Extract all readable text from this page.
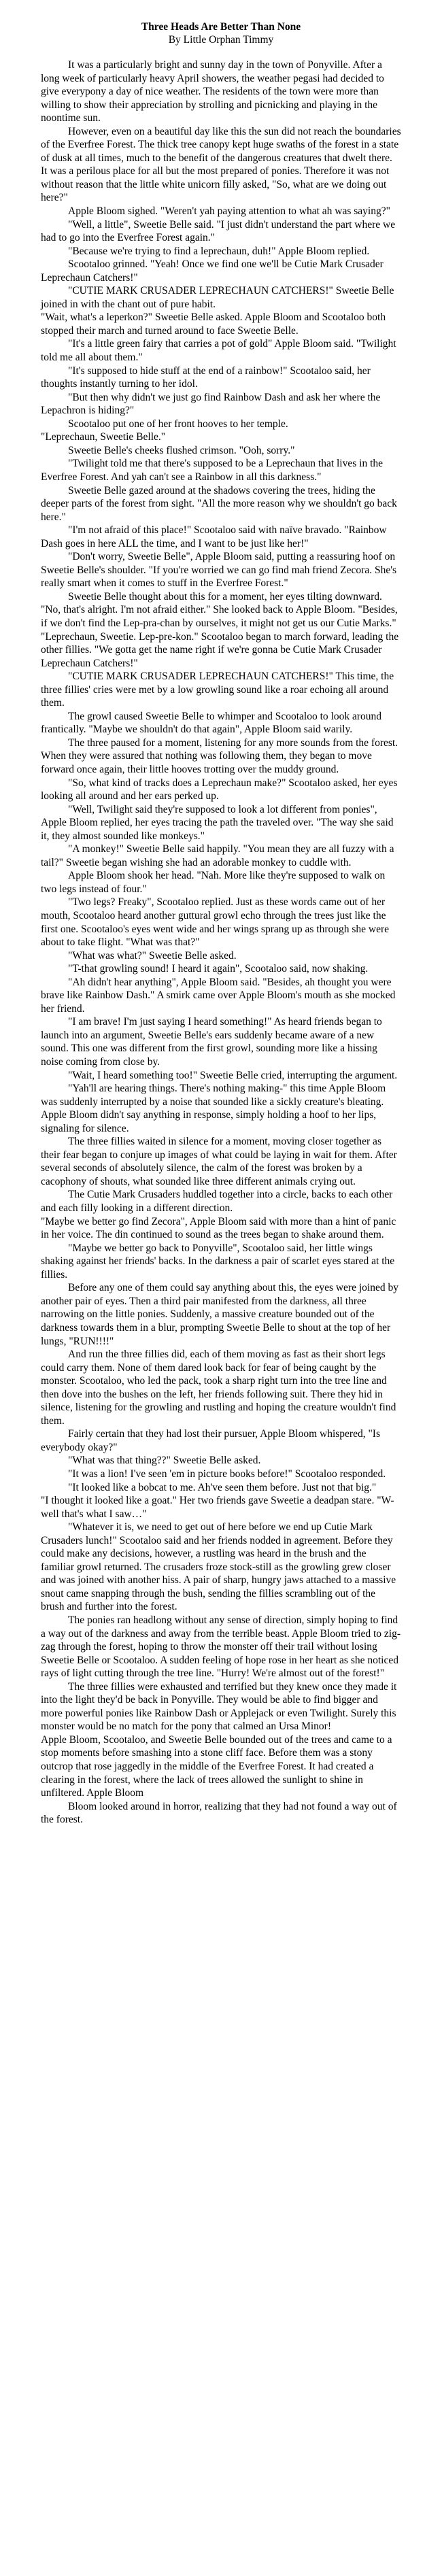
Three Heads Are Better Than None
By Little Orphan Timmy

It was a particularly bright and sunny day in the town of Ponyville. After a long week of particularly heavy April showers, the weather pegasi had decided to give everypony a day of nice weather. The residents of the town were more than willing to show their appreciation by strolling and picnicking and playing in the noontime sun.

However, even on a beautiful day like this the sun did not reach the boundaries of the Everfree Forest. The thick tree canopy kept huge swaths of the forest in a state of dusk at all times, much to the benefit of the dangerous creatures that dwelt there. It was a perilous place for all but the most prepared of ponies. Therefore it was not without reason that the little white unicorn filly asked, "So, what are we doing out here?"

Apple Bloom sighed. "Weren't yah paying attention to what ah was saying?"

"Well, a little", Sweetie Belle said. "I just didn't understand the part where we had to go into the Everfree Forest again."

"Because we're trying to find a leprechaun, duh!" Apple Bloom replied.

Scootaloo grinned. "Yeah! Once we find one we'll be Cutie Mark Crusader Leprechaun Catchers!"

"CUTIE MARK CRUSADER LEPRECHAUN CATCHERS!" Sweetie Belle joined in with the chant out of pure habit.

"Wait, what's a leperkon?" Sweetie Belle asked. Apple Bloom and Scootaloo both stopped their march and turned around to face Sweetie Belle.

"It's a little green fairy that carries a pot of gold" Apple Bloom said. "Twilight told me all about them."

"It's supposed to hide stuff at the end of a rainbow!" Scootaloo said, her thoughts instantly turning to her idol.

"But then why didn't we just go find Rainbow Dash and ask her where the Lepachron is hiding?"

Scootaloo put one of her front hooves to her temple.

"Leprechaun, Sweetie Belle."

Sweetie Belle's cheeks flushed crimson. "Ooh, sorry."

"Twilight told me that there's supposed to be a Leprechaun that lives in the Everfree Forest. And yah can't see a Rainbow in all this darkness."

Sweetie Belle gazed around at the shadows covering the trees, hiding the deeper parts of the forest from sight. "All the more reason why we shouldn't go back here."

"I'm not afraid of this place!" Scootaloo said with naïve bravado. "Rainbow Dash goes in here ALL the time, and I want to be just like her!"

"Don't worry, Sweetie Belle", Apple Bloom said, putting a reassuring hoof on Sweetie Belle's shoulder. "If you're worried we can go find mah friend Zecora. She's really smart when it comes to stuff in the Everfree Forest."

Sweetie Belle thought about this for a moment, her eyes tilting downward. "No, that's alright. I'm not afraid either." She looked back to Apple Bloom. "Besides, if we don't find the Lep-pra-chan by ourselves, it might not get us our Cutie Marks."

"Leprechaun, Sweetie. Lep-pre-kon." Scootaloo began to march forward, leading the other fillies. "We gotta get the name right if we're gonna be Cutie Mark Crusader Leprechaun Catchers!"

"CUTIE MARK CRUSADER LEPRECHAUN CATCHERS!" This time, the three fillies' cries were met by a low growling sound like a roar echoing all around them.

The growl caused Sweetie Belle to whimper and Scootaloo to look around frantically. "Maybe we shouldn't do that again", Apple Bloom said warily.

The three paused for a moment, listening for any more sounds from the forest. When they were assured that nothing was following them, they began to move forward once again, their little hooves trotting over the muddy ground.

"So, what kind of tracks does a Leprechaun make?" Scootaloo asked, her eyes looking all around and her ears perked up.

"Well, Twilight said they're supposed to look a lot different from ponies", Apple Bloom replied, her eyes tracing the path the traveled over. "The way she said it, they almost sounded like monkeys."

"A monkey!" Sweetie Belle said happily. "You mean they are all fuzzy with a tail?" Sweetie began wishing she had an adorable monkey to cuddle with.

Apple Bloom shook her head. "Nah. More like they're supposed to walk on two legs instead of four."

"Two legs? Freaky", Scootaloo replied. Just as these words came out of her mouth, Scootaloo heard another guttural growl echo through the trees just like the first one. Scootaloo's eyes went wide and her wings sprang up as through she were about to take flight. "What was that?"

"What was what?" Sweetie Belle asked.

"T-that growling sound! I heard it again", Scootaloo said, now shaking.

"Ah didn't hear anything", Apple Bloom said. "Besides, ah thought you were brave like Rainbow Dash." A smirk came over Apple Bloom's mouth as she mocked her friend.

"I am brave! I'm just saying I heard something!" As heard friends began to launch into an argument, Sweetie Belle's ears suddenly became aware of a new sound. This one was different from the first growl, sounding more like a hissing noise coming from close by.

"Wait, I heard something too!" Sweetie Belle cried, interrupting the argument.

"Yah'll are hearing things. There's nothing making-" this time Apple Bloom was suddenly interrupted by a noise that sounded like a sickly creature's bleating. Apple Bloom didn't say anything in response, simply holding a hoof to her lips, signaling for silence.

The three fillies waited in silence for a moment, moving closer together as their fear began to conjure up images of what could be laying in wait for them. After several seconds of absolutely silence, the calm of the forest was broken by a cacophony of shouts, what sounded like three different animals crying out.

The Cutie Mark Crusaders huddled together into a circle, backs to each other and each filly looking in a different direction.

"Maybe we better go find Zecora", Apple Bloom said with more than a hint of panic in her voice. The din continued to sound as the trees began to shake around them.

"Maybe we better go back to Ponyville", Scootaloo said, her little wings shaking against her friends' backs. In the darkness a pair of scarlet eyes stared at the fillies.

Before any one of them could say anything about this, the eyes were joined by another pair of eyes. Then a third pair manifested from the darkness, all three narrowing on the little ponies. Suddenly, a massive creature bounded out of the darkness towards them in a blur, prompting Sweetie Belle to shout at the top of her lungs, "RUN!!!!"

And run the three fillies did, each of them moving as fast as their short legs could carry them. None of them dared look back for fear of being caught by the monster. Scootaloo, who led the pack, took a sharp right turn into the tree line and then dove into the bushes on the left, her friends following suit. There they hid in silence, listening for the growling and rustling and hoping the creature wouldn't find them.

Fairly certain that they had lost their pursuer, Apple Bloom whispered, "Is everybody okay?"

"What was that thing??" Sweetie Belle asked.

"It was a lion! I've seen 'em in picture books before!" Scootaloo responded.

"It looked like a bobcat to me. Ah've seen them before. Just not that big."

"I thought it looked like a goat." Her two friends gave Sweetie a deadpan stare. "W-well that's what I saw…"

"Whatever it is, we need to get out of here before we end up Cutie Mark Crusaders lunch!" Scootaloo said and her friends nodded in agreement. Before they could make any decisions, however, a rustling was heard in the brush and the familiar growl returned. The crusaders froze stock-still as the growling grew closer and was joined with another hiss. A pair of sharp, hungry jaws attached to a massive snout came snapping through the bush, sending the fillies scrambling out of the brush and further into the forest.

The ponies ran headlong without any sense of direction, simply hoping to find a way out of the darkness and away from the terrible beast. Apple Bloom tried to zig-zag through the forest, hoping to throw the monster off their trail without losing Sweetie Belle or Scootaloo. A sudden feeling of hope rose in her heart as she noticed rays of light cutting through the tree line. "Hurry! We're almost out of the forest!"

The three fillies were exhausted and terrified but they knew once they made it into the light they'd be back in Ponyville. They would be able to find bigger and more powerful ponies like Rainbow Dash or Applejack or even Twilight. Surely this monster would be no match for the pony that calmed an Ursa Minor!

Apple Bloom, Scootaloo, and Sweetie Belle bounded out of the trees and came to a stop moments before smashing into a stone cliff face. Before them was a stony outcrop that rose jaggedly in the middle of the Everfree Forest. It had created a clearing in the forest, where the lack of trees allowed the sunlight to shine in unfiltered. Apple Bloom

Bloom looked around in horror, realizing that they had not found a way out of the forest.
